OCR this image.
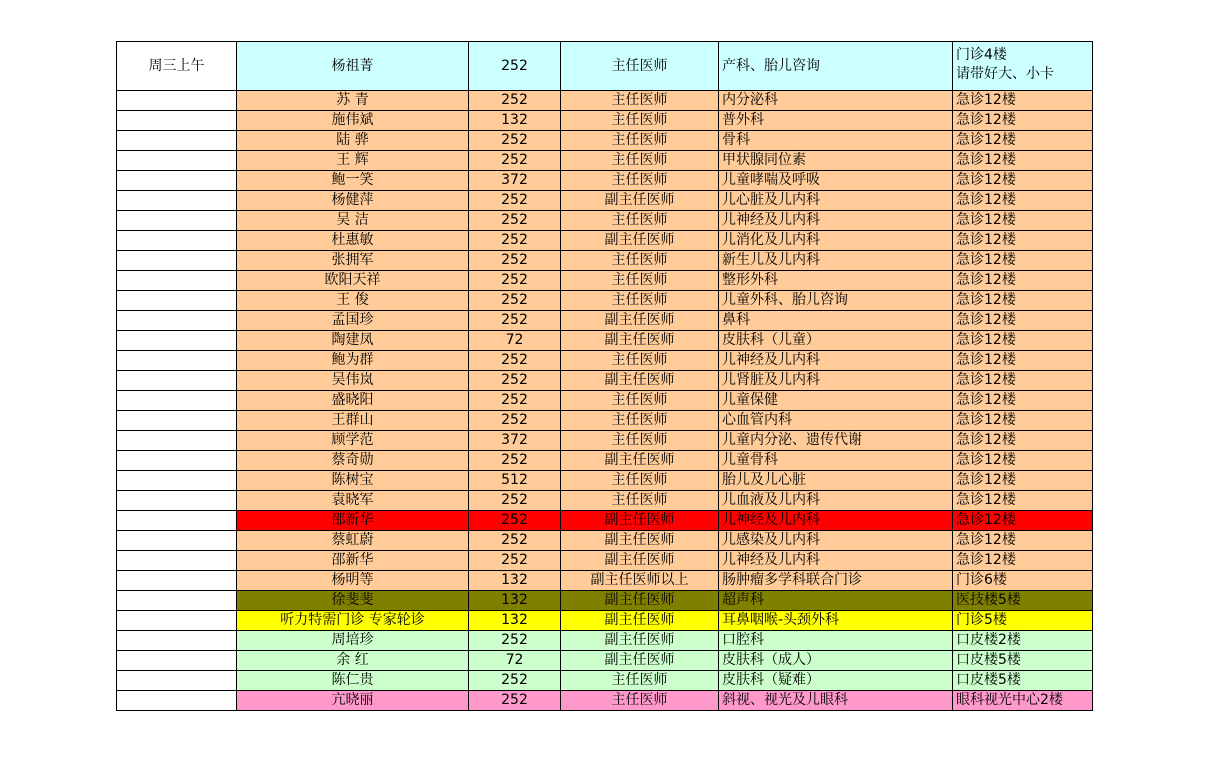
周三上午	杨祖菁	252	主任医师	产科、胎儿咨询	门诊4楼
请带好大、小卡
	苏 青	252	主任医师	内分泌科	急诊12楼
	施伟斌	132	主任医师	普外科	急诊12楼
	陆 骅	252	主任医师	骨科	急诊12楼
	王 辉	252	主任医师	甲状腺同位素	急诊12楼
	鲍一笑	372	主任医师	儿童哮喘及呼吸	急诊12楼
	杨健萍	252	副主任医师	儿心脏及儿内科	急诊12楼
	吴 洁	252	主任医师	儿神经及儿内科	急诊12楼
	杜惠敏	252	副主任医师	儿消化及儿内科	急诊12楼
	张拥军	252	主任医师	新生儿及儿内科	急诊12楼
	欧阳天祥	252	主任医师	整形外科	急诊12楼
	王 俊	252	主任医师	儿童外科、胎儿咨询	急诊12楼
	孟国珍	252	副主任医师	鼻科	急诊12楼
	陶建凤	72	副主任医师	皮肤科（儿童）	急诊12楼
	鲍为群	252	主任医师	儿神经及儿内科	急诊12楼
	吴伟岚	252	副主任医师	儿肾脏及儿内科	急诊12楼
	盛晓阳	252	主任医师	儿童保健	急诊12楼
	王群山	252	主任医师	心血管内科	急诊12楼
	顾学范	372	主任医师	儿童内分泌、遗传代谢	急诊12楼
	蔡奇勋	252	副主任医师	儿童骨科	急诊12楼
	陈树宝	512	主任医师	胎儿及儿心脏	急诊12楼
	袁晓军	252	主任医师	儿血液及儿内科	急诊12楼
	邵新华	252	副主任医师	儿神经及儿内科	急诊12楼
	蔡虹蔚	252	副主任医师	儿感染及儿内科	急诊12楼
	邵新华	252	副主任医师	儿神经及儿内科	急诊12楼
	杨明等	132	副主任医师以上	肠肿瘤多学科联合门诊	门诊6楼
	徐斐斐	132	副主任医师	超声科	医技楼5楼
	听力特需门诊 专家轮诊	132	副主任医师	耳鼻咽喉-头颈外科	门诊5楼
	周培珍	252	副主任医师	口腔科	口皮楼2楼
	余 红	72	副主任医师	皮肤科（成人）	口皮楼5楼
	陈仁贵	252	主任医师	皮肤科（疑难）	口皮楼5楼
	亢晓丽	252	主任医师	斜视、视光及儿眼科	眼科视光中心2楼
